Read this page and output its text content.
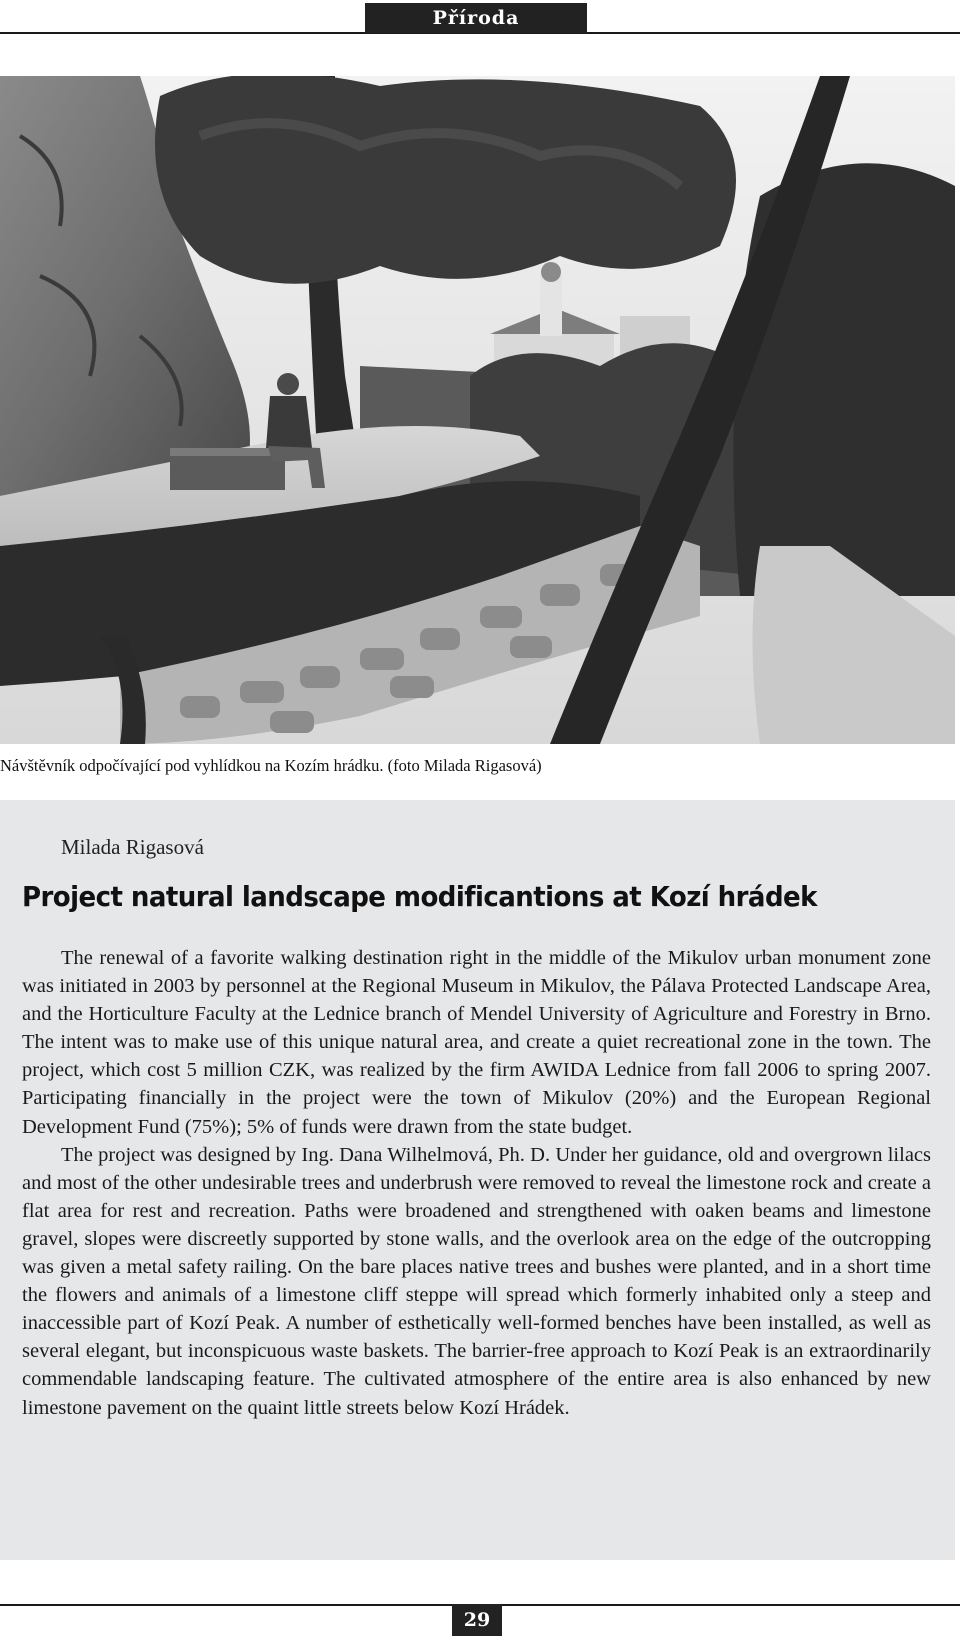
Příroda
Návštěvník odpočívající pod vyhlídkou na Kozím hrádku. (foto Milada Rigasová)
Milada Rigasová
Project natural landscape modificantions at Kozí hrádek

The renewal of a favorite walking destination right in the middle of the Mikulov urban monument zone was initiated in 2003 by personnel at the Regional Museum in Mikulov, the Pálava Protected Landscape Area, and the Horticulture Faculty at the Lednice branch of Mendel University of Agriculture and Forestry in Brno. The intent was to make use of this unique natural area, and create a quiet recreational zone in the town. The project, which cost 5 million CZK, was realized by the firm AWIDA Lednice from fall 2006 to spring 2007. Participating financially in the project were the town of Mikulov (20%) and the European Regional Development Fund (75%); 5% of funds were drawn from the state budget.

The project was designed by Ing. Dana Wilhelmová, Ph. D. Under her guidance, old and overgrown lilacs and most of the other undesirable trees and underbrush were removed to reveal the limestone rock and create a flat area for rest and recreation. Paths were broadened and strengthened with oaken beams and limestone gravel, slopes were discreetly supported by stone walls, and the overlook area on the edge of the outcropping was given a metal safety railing. On the bare places native trees and bushes were planted, and in a short time the flowers and animals of a limestone cliff steppe will spread which formerly inhabited only a steep and inaccessible part of Kozí Peak. A number of esthetically well-formed benches have been installed, as well as several elegant, but inconspicuous waste baskets. The barrier-free approach to Kozí Peak is an extraordinarily commendable landscaping feature. The cultivated atmosphere of the entire area is also enhanced by new limestone pavement on the quaint little streets below Kozí Hrádek.

29
